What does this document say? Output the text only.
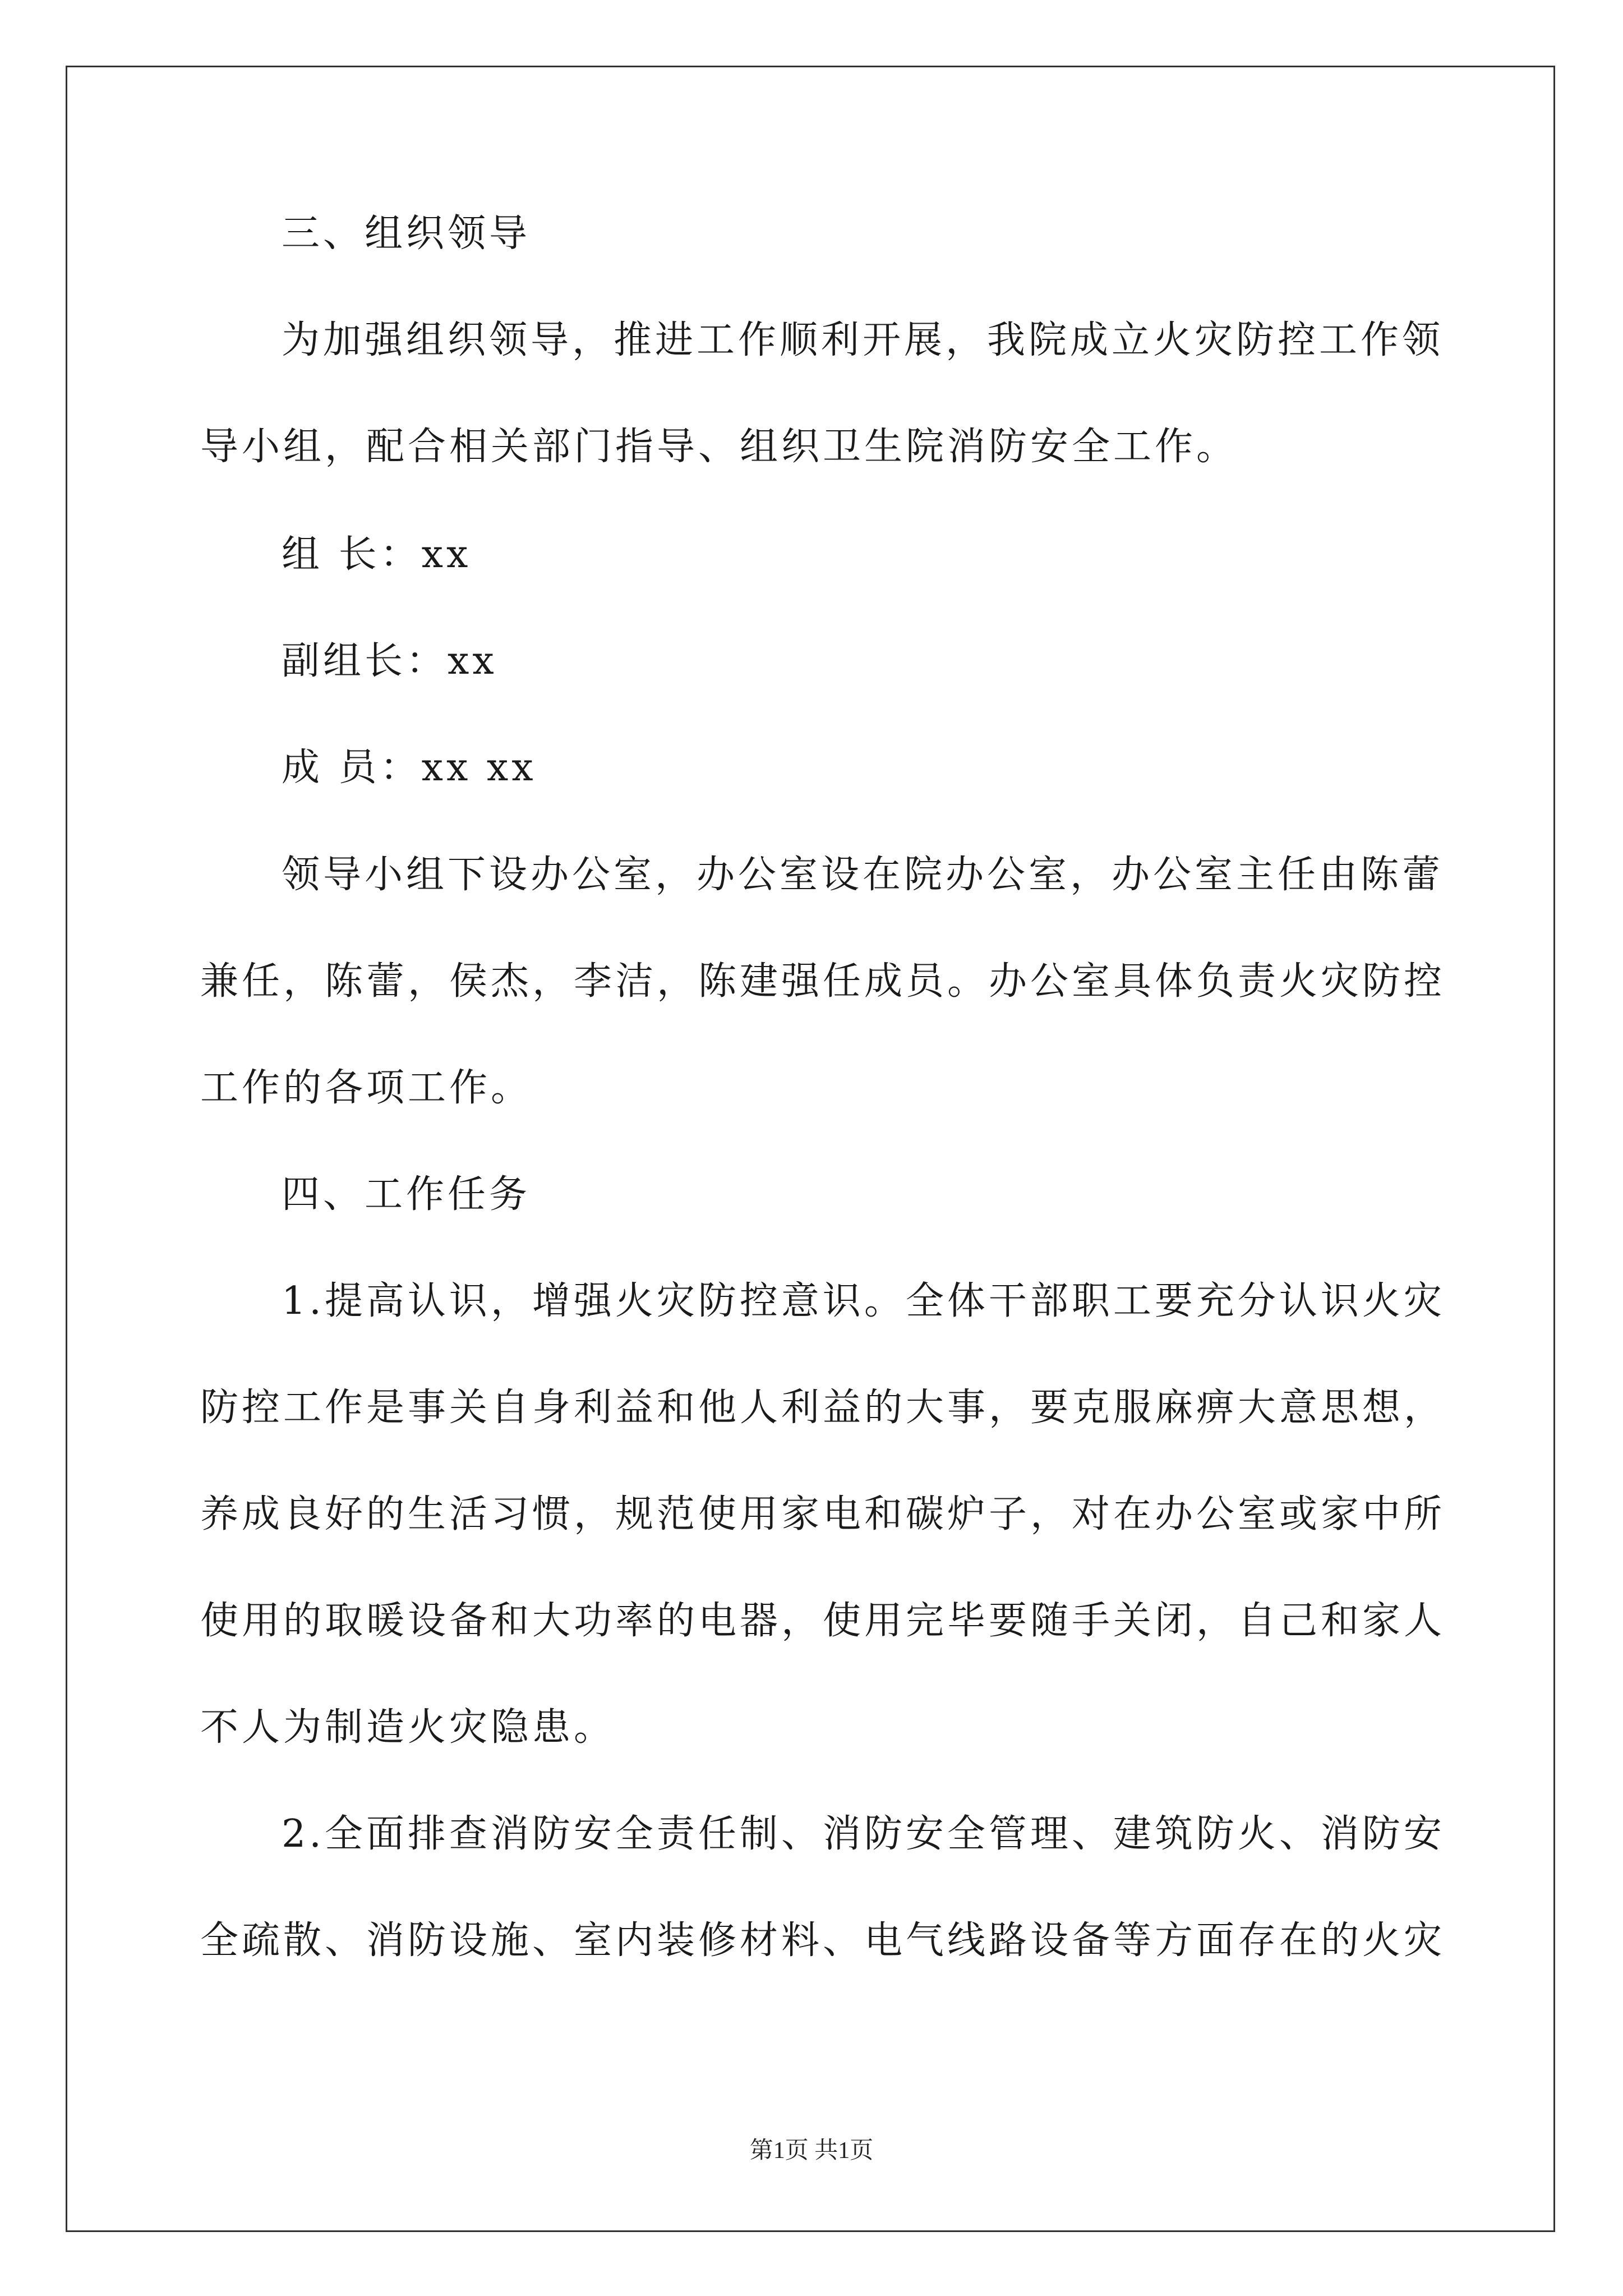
三、组织领导
为加强组织领导，推进工作顺利开展，我院成立火灾防控工作领
导小组，配合相关部门指导、组织卫生院消防安全工作。
组 长：xx
副组长：xx
成 员：xx xx
领导小组下设办公室，办公室设在院办公室，办公室主任由陈蕾
兼任，陈蕾，侯杰，李洁，陈建强任成员。办公室具体负责火灾防控
工作的各项工作。
四、工作任务
1.提高认识，增强火灾防控意识。全体干部职工要充分认识火灾
防控工作是事关自身利益和他人利益的大事，要克服麻痹大意思想，
养成良好的生活习惯，规范使用家电和碳炉子，对在办公室或家中所
使用的取暖设备和大功率的电器，使用完毕要随手关闭，自己和家人
不人为制造火灾隐患。
2.全面排查消防安全责任制、消防安全管理、建筑防火、消防安
全疏散、消防设施、室内装修材料、电气线路设备等方面存在的火灾
第1页 共1页
